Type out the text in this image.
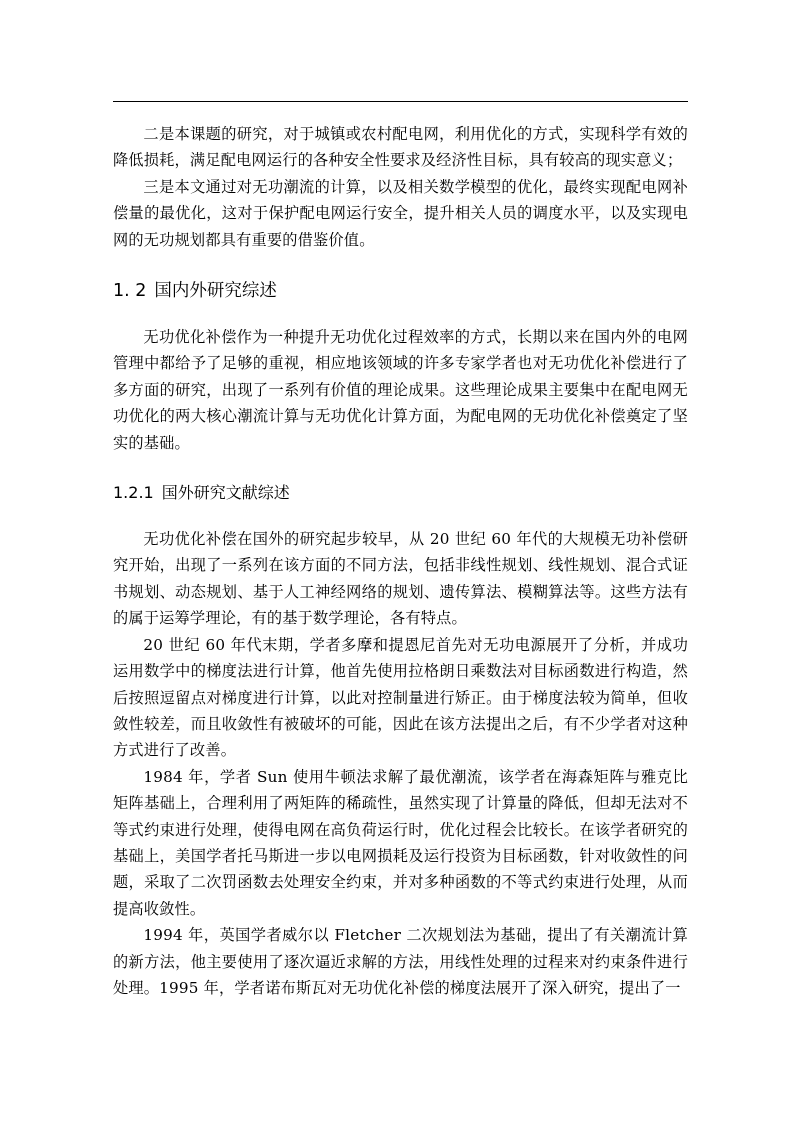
二是本课题的研究，对于城镇或农村配电网，利用优化的方式，实现科学有效的降低损耗，满足配电网运行的各种安全性要求及经济性目标，具有较高的现实意义；

三是本文通过对无功潮流的计算，以及相关数学模型的优化，最终实现配电网补偿量的最优化，这对于保护配电网运行安全，提升相关人员的调度水平，以及实现电网的无功规划都具有重要的借鉴价值。

1. 2 国内外研究综述

无功优化补偿作为一种提升无功优化过程效率的方式，长期以来在国内外的电网管理中都给予了足够的重视，相应地该领域的许多专家学者也对无功优化补偿进行了多方面的研究，出现了一系列有价值的理论成果。这些理论成果主要集中在配电网无功优化的两大核心潮流计算与无功优化计算方面，为配电网的无功优化补偿奠定了坚实的基础。

1.2.1 国外研究文献综述

无功优化补偿在国外的研究起步较早，从 20 世纪 60 年代的大规模无功补偿研究开始，出现了一系列在该方面的不同方法，包括非线性规划、线性规划、混合式证书规划、动态规划、基于人工神经网络的规划、遗传算法、模糊算法等。这些方法有的属于运筹学理论，有的基于数学理论，各有特点。

20 世纪 60 年代末期，学者多摩和提恩尼首先对无功电源展开了分析，并成功运用数学中的梯度法进行计算，他首先使用拉格朗日乘数法对目标函数进行构造，然后按照逗留点对梯度进行计算，以此对控制量进行矫正。由于梯度法较为简单，但收敛性较差，而且收敛性有被破坏的可能，因此在该方法提出之后，有不少学者对这种方式进行了改善。

1984 年，学者 Sun 使用牛顿法求解了最优潮流，该学者在海森矩阵与雅克比矩阵基础上，合理利用了两矩阵的稀疏性，虽然实现了计算量的降低，但却无法对不等式约束进行处理，使得电网在高负荷运行时，优化过程会比较长。在该学者研究的基础上，美国学者托马斯进一步以电网损耗及运行投资为目标函数，针对收敛性的问题，采取了二次罚函数去处理安全约束，并对多种函数的不等式约束进行处理，从而提高收敛性。

1994 年，英国学者威尔以 Fletcher 二次规划法为基础，提出了有关潮流计算的新方法，他主要使用了逐次逼近求解的方法，用线性处理的过程来对约束条件进行处理。1995 年，学者诺布斯瓦对无功优化补偿的梯度法展开了深入研究，提出了一
